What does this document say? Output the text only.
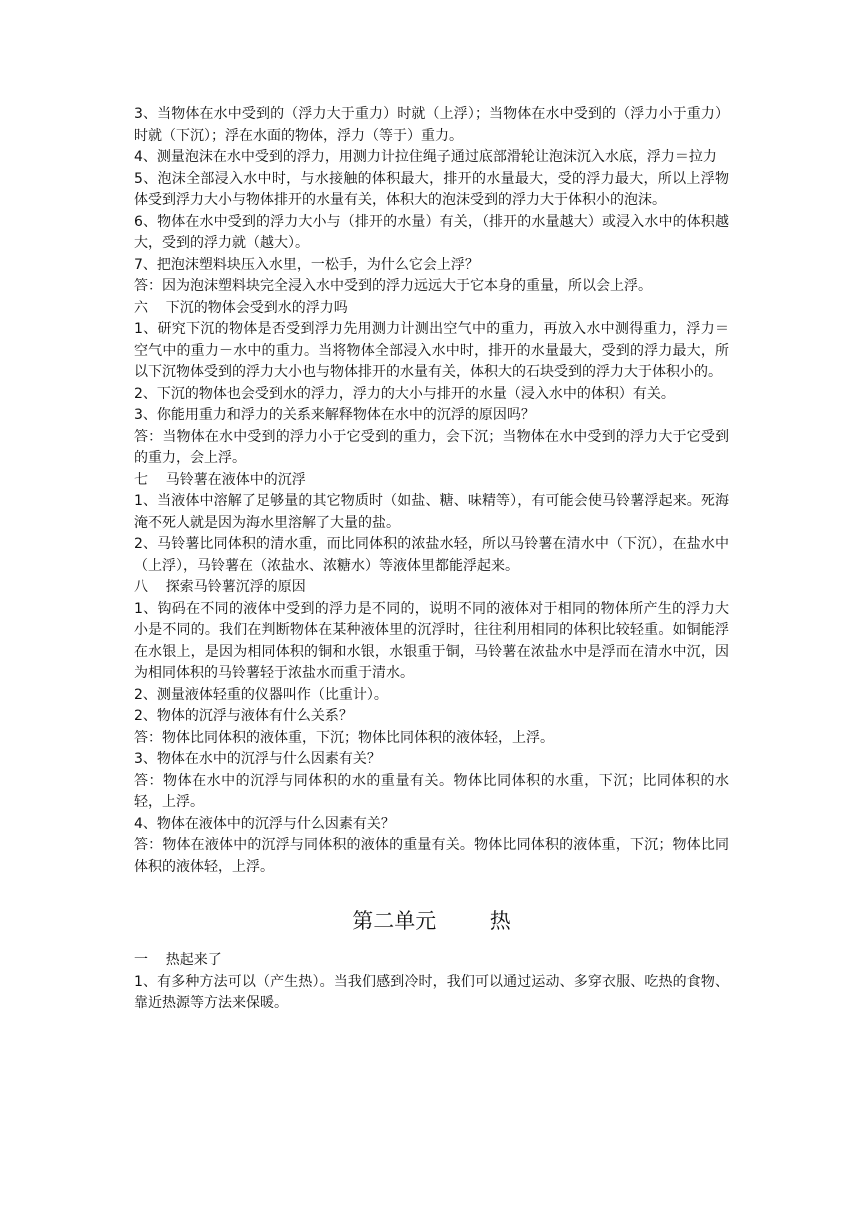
3、当物体在水中受到的（浮力大于重力）时就（上浮）；当物体在水中受到的（浮力小于重力）时就（下沉）；浮在水面的物体，浮力（等于）重力。

4、测量泡沫在水中受到的浮力，用测力计拉住绳子通过底部滑轮让泡沫沉入水底，浮力＝拉力

5、泡沫全部浸入水中时，与水接触的体积最大，排开的水量最大，受的浮力最大，所以上浮物体受到浮力大小与物体排开的水量有关，体积大的泡沫受到的浮力大于体积小的泡沫。

6、物体在水中受到的浮力大小与（排开的水量）有关，（排开的水量越大）或浸入水中的体积越大，受到的浮力就（越大）。

7、把泡沫塑料块压入水里，一松手，为什么它会上浮？

答：因为泡沫塑料块完全浸入水中受到的浮力远远大于它本身的重量，所以会上浮。

六    下沉的物体会受到水的浮力吗

1、研究下沉的物体是否受到浮力先用测力计测出空气中的重力，再放入水中测得重力，浮力＝空气中的重力－水中的重力。当将物体全部浸入水中时，排开的水量最大，受到的浮力最大，所以下沉物体受到的浮力大小也与物体排开的水量有关，体积大的石块受到的浮力大于体积小的。

2、下沉的物体也会受到水的浮力，浮力的大小与排开的水量（浸入水中的体积）有关。

3、你能用重力和浮力的关系来解释物体在水中的沉浮的原因吗？

答：当物体在水中受到的浮力小于它受到的重力，会下沉；当物体在水中受到的浮力大于它受到的重力，会上浮。

七    马铃薯在液体中的沉浮

1、当液体中溶解了足够量的其它物质时（如盐、糖、味精等），有可能会使马铃薯浮起来。死海淹不死人就是因为海水里溶解了大量的盐。

2、马铃薯比同体积的清水重，而比同体积的浓盐水轻，所以马铃薯在清水中（下沉），在盐水中（上浮），马铃薯在（浓盐水、浓糖水）等液体里都能浮起来。

八    探索马铃薯沉浮的原因

1、钩码在不同的液体中受到的浮力是不同的，说明不同的液体对于相同的物体所产生的浮力大小是不同的。我们在判断物体在某种液体里的沉浮时，往往利用相同的体积比较轻重。如铜能浮在水银上，是因为相同体积的铜和水银，水银重于铜，马铃薯在浓盐水中是浮而在清水中沉，因为相同体积的马铃薯轻于浓盐水而重于清水。

2、测量液体轻重的仪器叫作（比重计）。

2、物体的沉浮与液体有什么关系？

答：物体比同体积的液体重，下沉；物体比同体积的液体轻，上浮。

3、物体在水中的沉浮与什么因素有关？

答：物体在水中的沉浮与同体积的水的重量有关。物体比同体积的水重，下沉；比同体积的水轻，上浮。

4、物体在液体中的沉浮与什么因素有关？

答：物体在液体中的沉浮与同体积的液体的重量有关。物体比同体积的液体重，下沉；物体比同体积的液体轻，上浮。

第二单元        热

一    热起来了

1、有多种方法可以（产生热）。当我们感到冷时，我们可以通过运动、多穿衣服、吃热的食物、靠近热源等方法来保暖。
